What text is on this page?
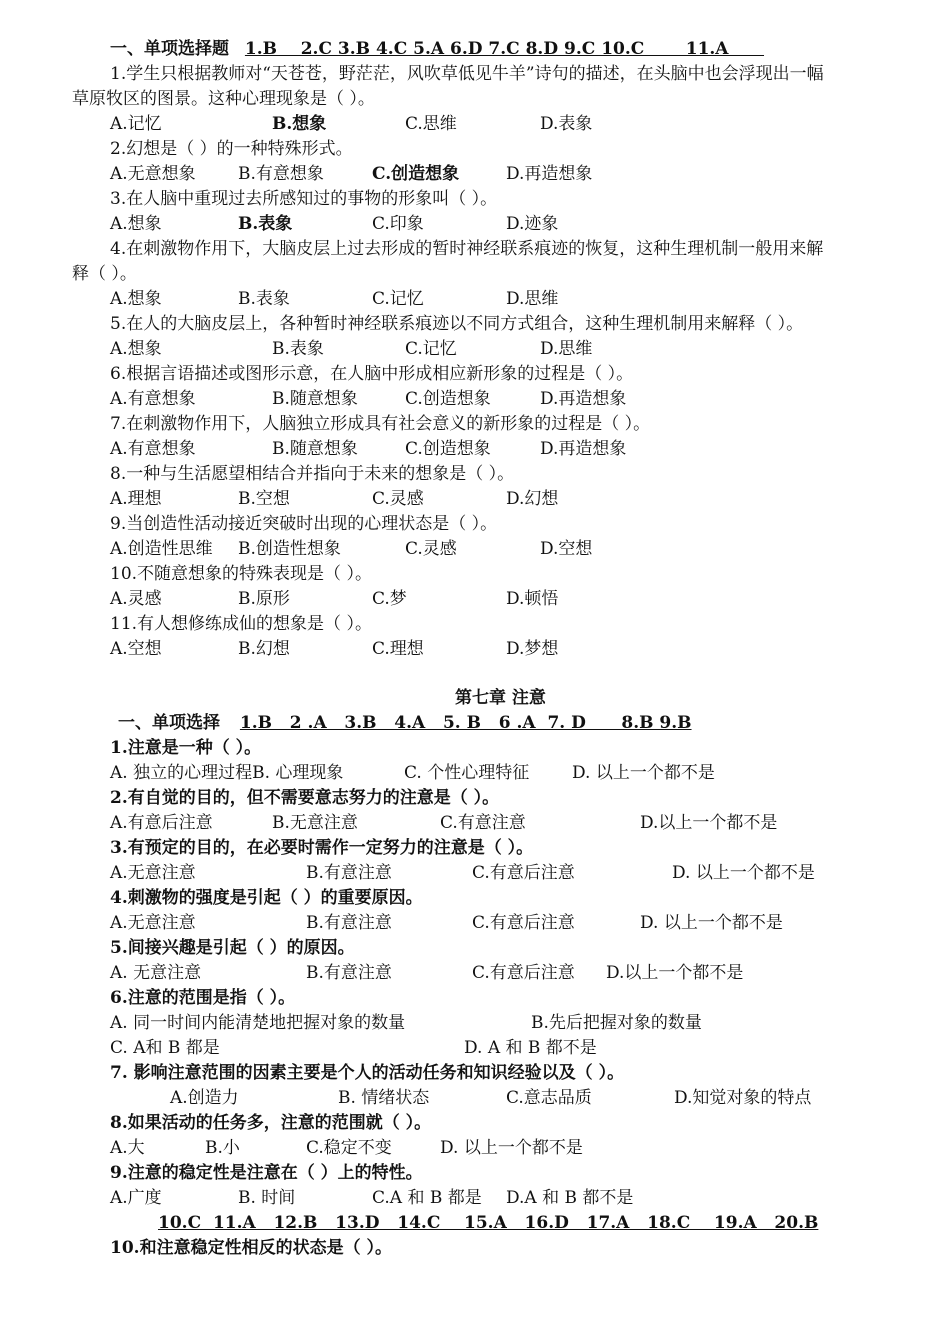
一、单项选择题 1.B    2.C 3.B 4.C 5.A 6.D 7.C 8.D 9.C 10.C       11.A
1.学生只根据教师对“天苍苍，野茫茫，风吹草低见牛羊”诗句的描述，在头脑中也会浮现出一幅
草原牧区的图景。这种心理现象是（ ）。
A.记忆	B.想象	C.思维	D.表象
2.幻想是（ ）的一种特殊形式。
A.无意想象 B.有意想象	C.创造想象	D.再造想象
3.在人脑中重现过去所感知过的事物的形象叫（ ）。
A.想象	B.表象	C.印象	D.迹象
4.在刺激物作用下，大脑皮层上过去形成的暂时神经联系痕迹的恢复，这种生理机制一般用来解
释（ ）。
A.想象	B.表象	C.记忆	D.思维
5.在人的大脑皮层上，各种暂时神经联系痕迹以不同方式组合，这种生理机制用来解释（ ）。
A.想象	B.表象	C.记忆	D.思维
6.根据言语描述或图形示意，在人脑中形成相应新形象的过程是（ ）。
A.有意想象	B.随意想象	C.创造想象	D.再造想象
7.在刺激物作用下，人脑独立形成具有社会意义的新形象的过程是（ ）。
A.有意想象	B.随意想象	C.创造想象	D.再造想象
8.一种与生活愿望相结合并指向于未来的想象是（ ）。
A.理想	B.空想	C.灵感	D.幻想
9.当创造性活动接近突破时出现的心理状态是（ ）。
A.创造性思维 B.创造性想象	C.灵感	D.空想
10.不随意想象的特殊表现是（ ）。
A.灵感	B.原形	C.梦	D.顿悟
11.有人想修练成仙的想象是（ ）。
A.空想	B.幻想	C.理想	D.梦想
第七章 注意
一、单项选择 1.B   2 .A   3.B   4.A   5. B   6 .A  7. D      8.B 9.B
1.注意是一种（ ）。
A. 独立的心理过程B. 心理现象	C. 个性心理特征	D. 以上一个都不是
2.有自觉的目的，但不需要意志努力的注意是（ ）。
A.有意后注意	B.无意注意	C.有意注意	D.以上一个都不是
3.有预定的目的，在必要时需作一定努力的注意是（ ）。
A.无意注意	B.有意注意	C.有意后注意	D. 以上一个都不是
4.刺激物的强度是引起（ ）的重要原因。
A.无意注意	B.有意注意	C.有意后注意	D. 以上一个都不是
5.间接兴趣是引起（ ）的原因。
A. 无意注意	B.有意注意	C.有意后注意 D.以上一个都不是
6.注意的范围是指（ ）。
A. 同一时间内能清楚地把握对象的数量	B.先后把握对象的数量
C. A和 B 都是	D. A 和 B 都不是
7. 影响注意范围的因素主要是个人的活动任务和知识经验以及（ ）。
A.创造力	B. 情绪状态	C.意志品质	D.知觉对象的特点
8.如果活动的任务多，注意的范围就（ ）。
A.大	B.小	C.稳定不变	D. 以上一个都不是
9.注意的稳定性是注意在（ ）上的特性。
A.广度	B. 时间	C.A 和 B 都是 D.A 和 B 都不是
10.C  11.A   12.B   13.D   14.C    15.A   16.D   17.A   18.C    19.A   20.B
10.和注意稳定性相反的状态是（ ）。
